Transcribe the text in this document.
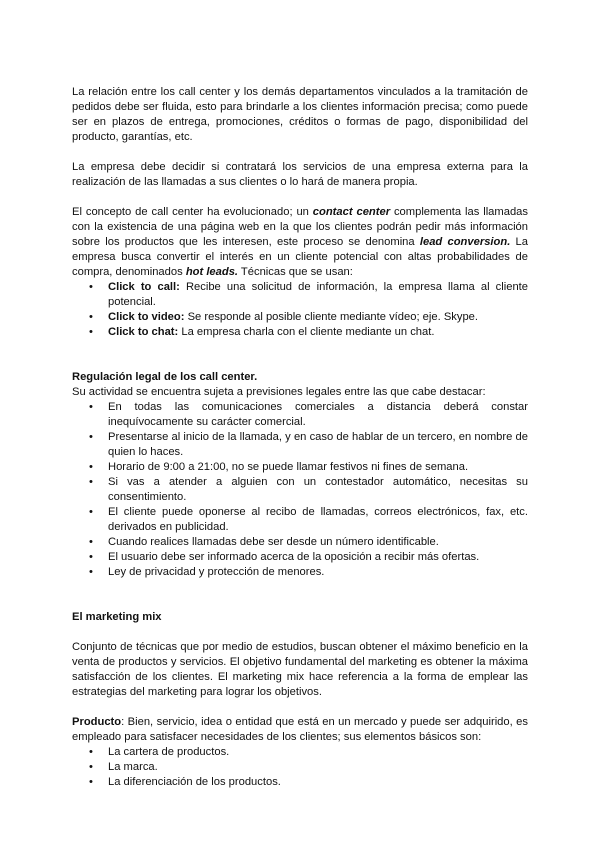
La relación entre los call center y los demás departamentos vinculados a la tramitación de pedidos debe ser fluida, esto para brindarle a los clientes información precisa; como puede ser en plazos de entrega, promociones, créditos o formas de pago, disponibilidad del producto, garantías, etc.

La empresa debe decidir si contratará los servicios de una empresa externa para la realización de las llamadas a sus clientes o lo hará de manera propia.

El concepto de call center ha evolucionado; un contact center complementa las llamadas con la existencia de una página web en la que los clientes podrán pedir más información sobre los productos que les interesen, este proceso se denomina lead conversion. La empresa busca convertir el interés en un cliente potencial con altas probabilidades de compra, denominados hot leads. Técnicas que se usan:

• Click to call: Recibe una solicitud de información, la empresa llama al cliente potencial.
• Click to video: Se responde al posible cliente mediante vídeo; eje. Skype.
• Click to chat: La empresa charla con el cliente mediante un chat.
Regulación legal de los call center.

Su actividad se encuentra sujeta a previsiones legales entre las que cabe destacar:

• En todas las comunicaciones comerciales a distancia deberá constar inequívocamente su carácter comercial.
• Presentarse al inicio de la llamada, y en caso de hablar de un tercero, en nombre de quien lo haces.
• Horario de 9:00 a 21:00, no se puede llamar festivos ni fines de semana.
• Si vas a atender a alguien con un contestador automático, necesitas su consentimiento.
• El cliente puede oponerse al recibo de llamadas, correos electrónicos, fax, etc. derivados en publicidad.
• Cuando realices llamadas debe ser desde un número identificable.
• El usuario debe ser informado acerca de la oposición a recibir más ofertas.
• Ley de privacidad y protección de menores.
El marketing mix

Conjunto de técnicas que por medio de estudios, buscan obtener el máximo beneficio en la venta de productos y servicios. El objetivo fundamental del marketing es obtener la máxima satisfacción de los clientes. El marketing mix hace referencia a la forma de emplear las estrategias del marketing para lograr los objetivos.

Producto: Bien, servicio, idea o entidad que está en un mercado y puede ser adquirido, es empleado para satisfacer necesidades de los clientes; sus elementos básicos son:

• La cartera de productos.
• La marca.
• La diferenciación de los productos.
